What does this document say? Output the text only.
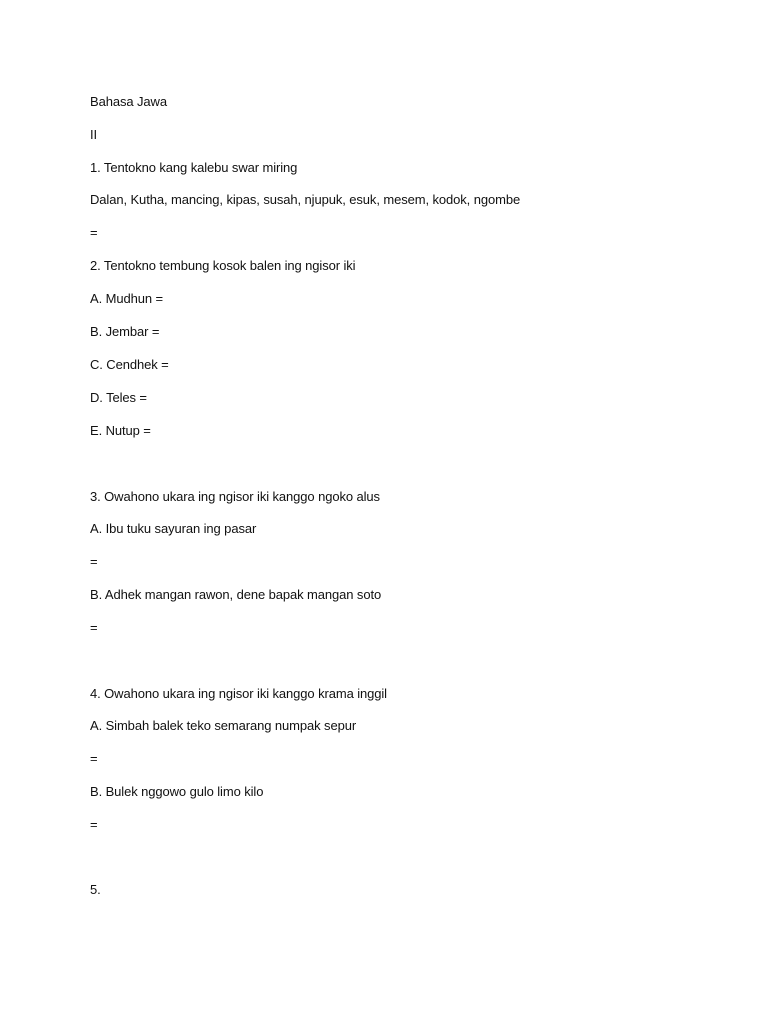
Bahasa Jawa
II
1. Tentokno kang kalebu swar miring
Dalan, Kutha, mancing, kipas, susah, njupuk, esuk, mesem, kodok, ngombe
=
2. Tentokno tembung kosok balen ing ngisor iki
A. Mudhun =
B. Jembar =
C. Cendhek =
D. Teles =
E. Nutup =
3. Owahono ukara ing ngisor iki kanggo ngoko alus
A. Ibu tuku sayuran ing pasar
=
B. Adhek mangan rawon, dene bapak mangan soto
=
4. Owahono ukara ing ngisor iki kanggo krama inggil
A. Simbah balek teko semarang numpak sepur
=
B. Bulek nggowo gulo limo kilo
=
5.
